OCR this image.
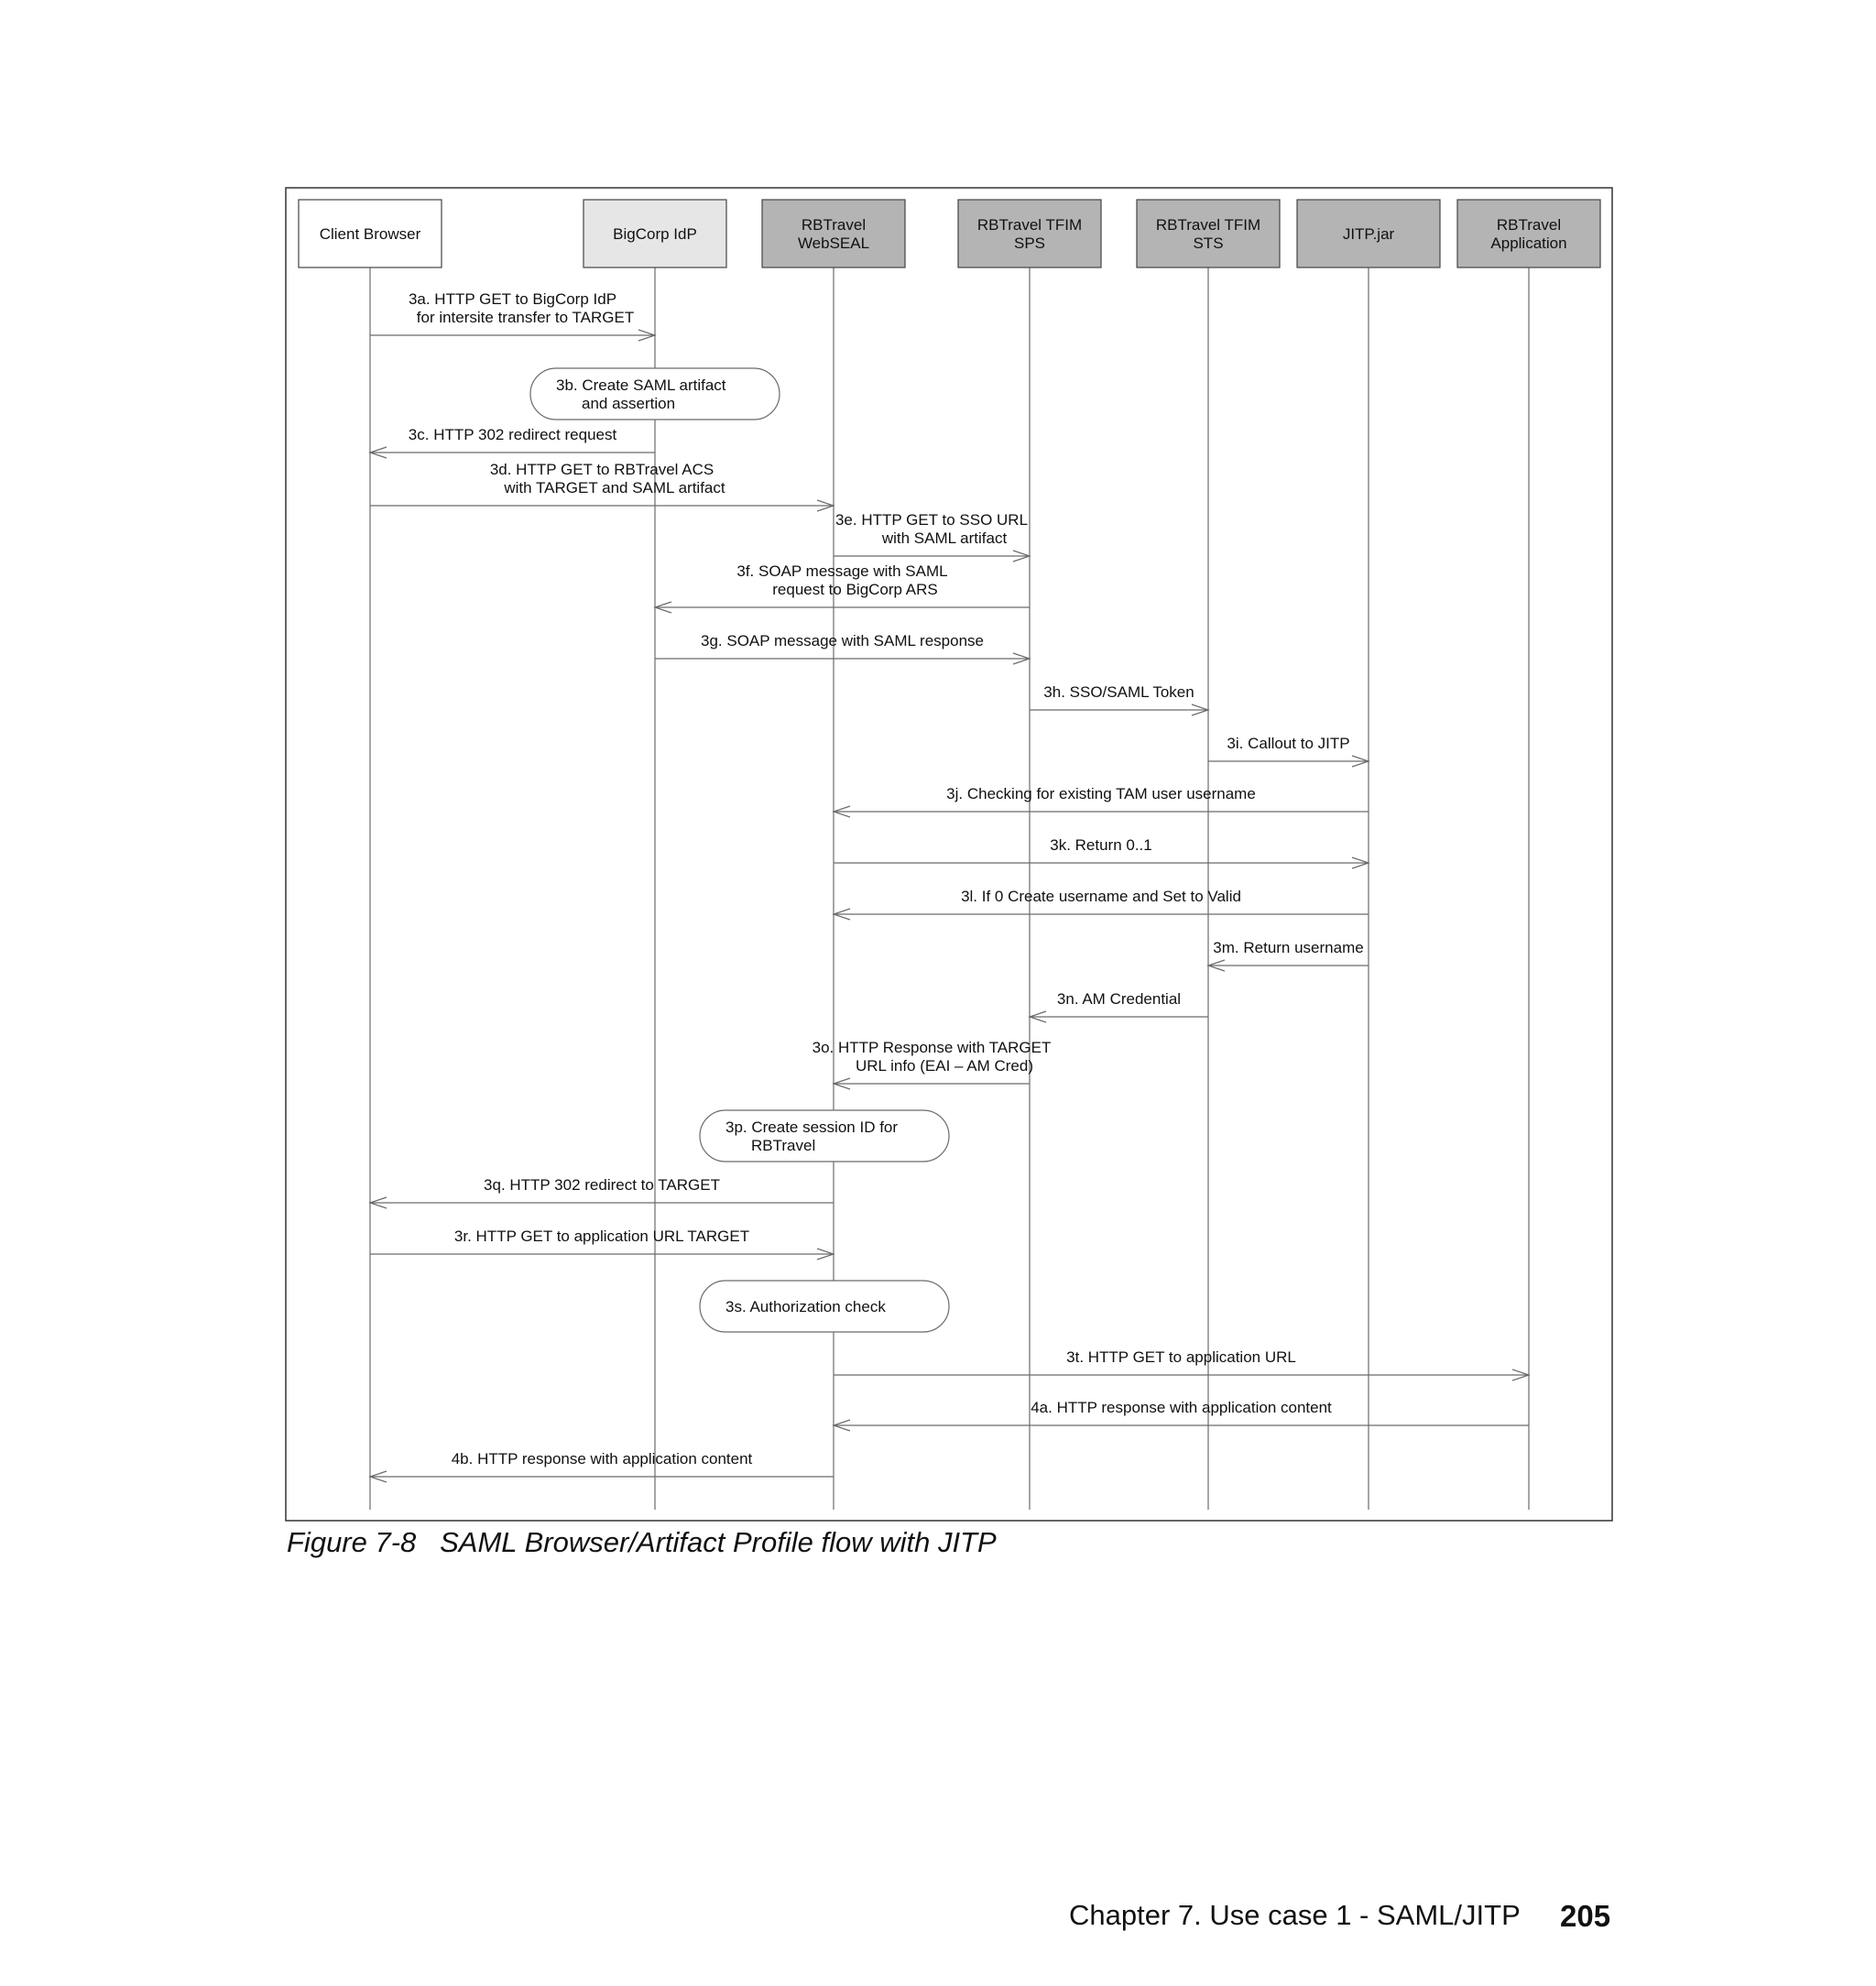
Client Browser	BigCorp IdP
RBTravel
WebSEAL
RBTravel TFIM
SPS
RBTravel TFIM
STS
JITP.jar
RBTravel
Application
3a. HTTP GET to BigCorp IdP
for intersite transfer to TARGET
3b. Create SAML artifact
and assertion
3c. HTTP 302 redirect request
3d. HTTP GET to RBTravel ACS
with TARGET and SAML artifact
3e. HTTP GET to SSO URL
with SAML artifact
3f. SOAP message with SAML
request to BigCorp ARS
3g. SOAP message with SAML response
3h. SSO/SAML Token
3i. Callout to JITP
3j. Checking for existing TAM user username
3k. Return 0..1
3l. If 0 Create username and Set to Valid
3m. Return username
3n. AM Credential
3o. HTTP Response with TARGET
URL info (EAI – AM Cred)
3p. Create session ID for
RBTravel
3q. HTTP 302 redirect to TARGET
3r. HTTP GET to application URL TARGET
3s. Authorization check
3t. HTTP GET to application URL
4a. HTTP response with application content
4b. HTTP response with application content
Figure 7-8   SAML Browser/Artifact Profile flow with JITP
Chapter 7. Use case 1 - SAML/JITP 205
